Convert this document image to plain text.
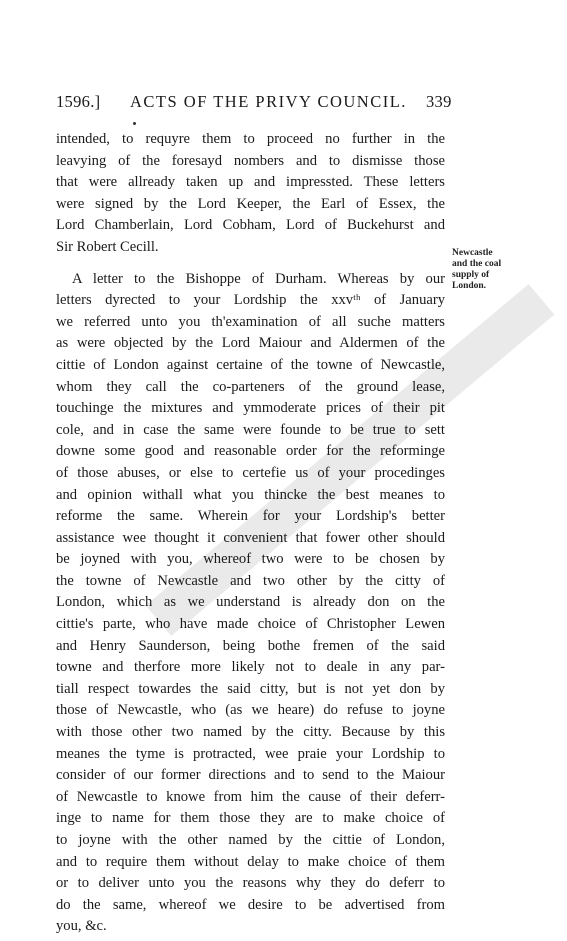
1596.] ACTS OF THE PRIVY COUNCIL. 339
intended, to requyre them to proceed no further in the
leavying of the foresayd nombers and to dismisse those
that were allready taken up and impressted. These letters
were signed by the Lord Keeper, the Earl of Essex, the
Lord Chamberlain, Lord Cobham, Lord of Buckehurst and
Sir Robert Cecill.
A letter to the Bishoppe of Durham. Whereas by our
letters dyrected to your Lordship the xxvᵗʰ of January
we referred unto you th'examination of all suche matters
as were objected by the Lord Maiour and Aldermen of the
cittie of London against certaine of the towne of Newcastle,
whom they call the co-parteners of the ground lease,
touchinge the mixtures and ymmoderate prices of their pit
cole, and in case the same were founde to be true to sett
downe some good and reasonable order for the reforminge
of those abuses, or else to certefie us of your procedinges
and opinion withall what you thincke the best meanes to
reforme the same. Wherein for your Lordship's better
assistance wee thought it convenient that fower other should
be joyned with you, whereof two were to be chosen by
the towne of Newcastle and two other by the citty of
London, which as we understand is already don on the
cittie's parte, who have made choice of Christopher Lewen
and Henry Saunderson, being bothe fremen of the said
towne and therfore more likely not to deale in any par-
tiall respect towardes the said citty, but is not yet don by
those of Newcastle, who (as we heare) do refuse to joyne
with those other two named by the citty. Because by this
meanes the tyme is protracted, wee praie your Lordship to
consider of our former directions and to send to the Maiour
of Newcastle to knowe from him the cause of their deferr-
inge to name for them those they are to make choice of
to joyne with the other named by the cittie of London,
and to require them without delay to make choice of them
or to deliver unto you the reasons why they do deferr to
do the same, whereof we desire to be advertised from
you, &c.
Newcastle
and the coal
supply of
London.
